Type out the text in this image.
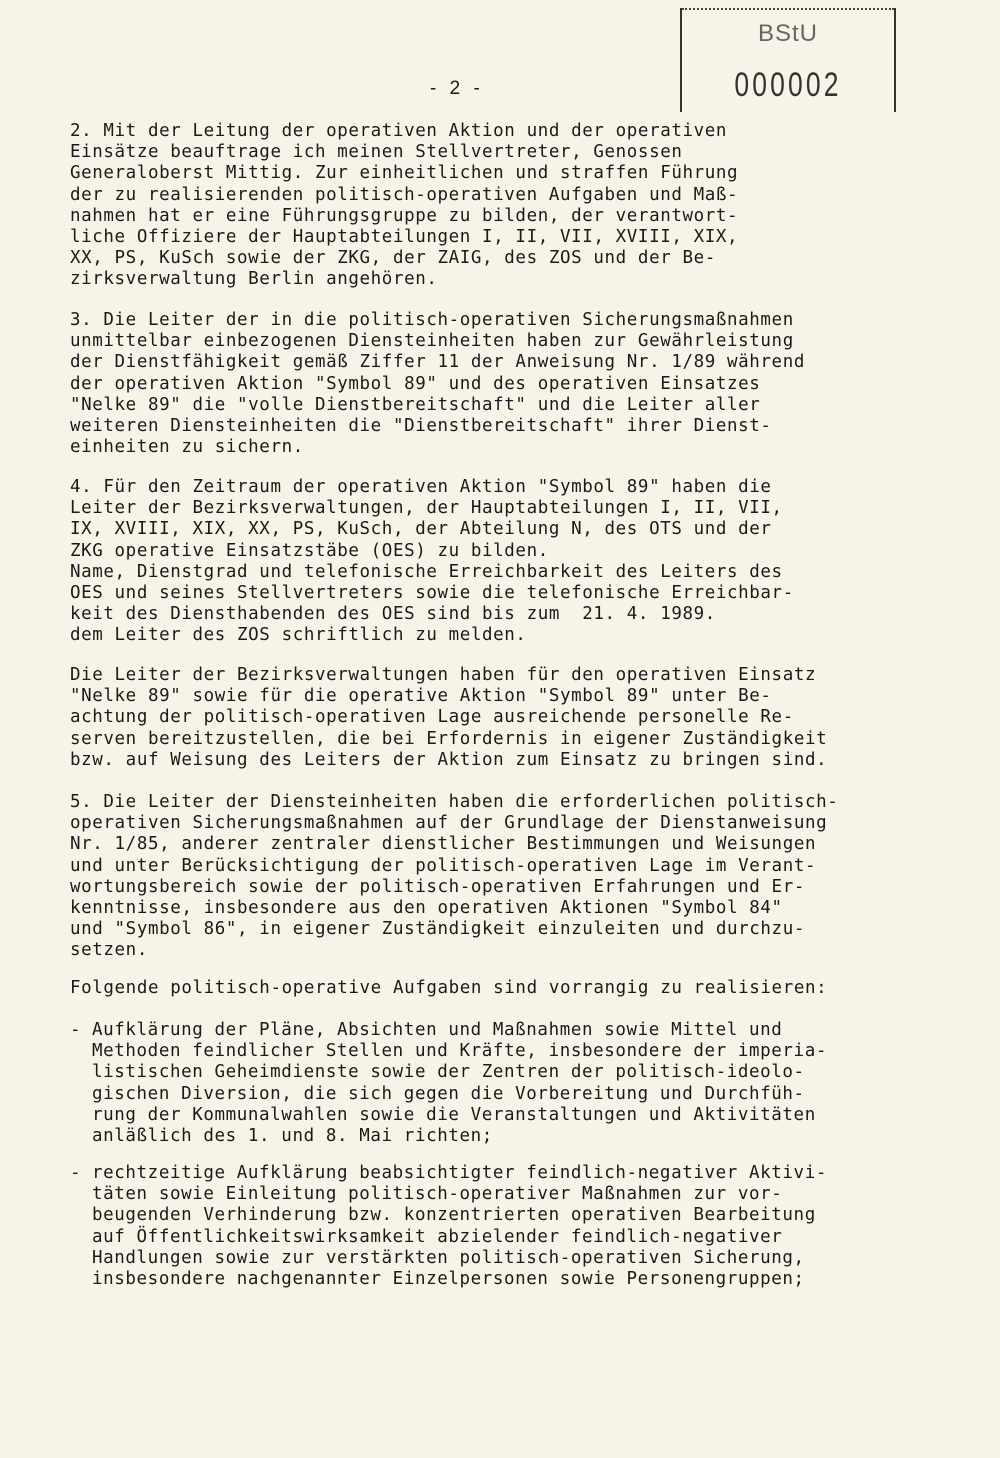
BStU
000002
- 2 -
2. Mit der Leitung der operativen Aktion und der operativen
Einsätze beauftrage ich meinen Stellvertreter, Genossen
Generaloberst Mittig. Zur einheitlichen und straffen Führung
der zu realisierenden politisch-operativen Aufgaben und Maß-
nahmen hat er eine Führungsgruppe zu bilden, der verantwort-
liche Offiziere der Hauptabteilungen I, II, VII, XVIII, XIX,
XX, PS, KuSch sowie der ZKG, der ZAIG, des ZOS und der Be-
zirksverwaltung Berlin angehören.
3. Die Leiter der in die politisch-operativen Sicherungsmaßnahmen
unmittelbar einbezogenen Diensteinheiten haben zur Gewährleistung
der Dienstfähigkeit gemäß Ziffer 11 der Anweisung Nr. 1/89 während
der operativen Aktion "Symbol 89" und des operativen Einsatzes
"Nelke 89" die "volle Dienstbereitschaft" und die Leiter aller
weiteren Diensteinheiten die "Dienstbereitschaft" ihrer Dienst-
einheiten zu sichern.
4. Für den Zeitraum der operativen Aktion "Symbol 89" haben die
Leiter der Bezirksverwaltungen, der Hauptabteilungen I, II, VII,
IX, XVIII, XIX, XX, PS, KuSch, der Abteilung N, des OTS und der
ZKG operative Einsatzstäbe (OES) zu bilden.
Name, Dienstgrad und telefonische Erreichbarkeit des Leiters des
OES und seines Stellvertreters sowie die telefonische Erreichbar-
keit des Diensthabenden des OES sind bis zum  21. 4. 1989.
dem Leiter des ZOS schriftlich zu melden.
Die Leiter der Bezirksverwaltungen haben für den operativen Einsatz
"Nelke 89" sowie für die operative Aktion "Symbol 89" unter Be-
achtung der politisch-operativen Lage ausreichende personelle Re-
serven bereitzustellen, die bei Erfordernis in eigener Zuständigkeit
bzw. auf Weisung des Leiters der Aktion zum Einsatz zu bringen sind.
5. Die Leiter der Diensteinheiten haben die erforderlichen politisch-
operativen Sicherungsmaßnahmen auf der Grundlage der Dienstanweisung
Nr. 1/85, anderer zentraler dienstlicher Bestimmungen und Weisungen
und unter Berücksichtigung der politisch-operativen Lage im Verant-
wortungsbereich sowie der politisch-operativen Erfahrungen und Er-
kenntnisse, insbesondere aus den operativen Aktionen "Symbol 84"
und "Symbol 86", in eigener Zuständigkeit einzuleiten und durchzu-
setzen.
Folgende politisch-operative Aufgaben sind vorrangig zu realisieren:
- Aufklärung der Pläne, Absichten und Maßnahmen sowie Mittel und
Methoden feindlicher Stellen und Kräfte, insbesondere der imperia-
listischen Geheimdienste sowie der Zentren der politisch-ideolo-
gischen Diversion, die sich gegen die Vorbereitung und Durchfüh-
rung der Kommunalwahlen sowie die Veranstaltungen und Aktivitäten
anläßlich des 1. und 8. Mai richten;
- rechtzeitige Aufklärung beabsichtigter feindlich-negativer Aktivi-
täten sowie Einleitung politisch-operativer Maßnahmen zur vor-
beugenden Verhinderung bzw. konzentrierten operativen Bearbeitung
auf Öffentlichkeitswirksamkeit abzielender feindlich-negativer
Handlungen sowie zur verstärkten politisch-operativen Sicherung,
insbesondere nachgenannter Einzelpersonen sowie Personengruppen;
